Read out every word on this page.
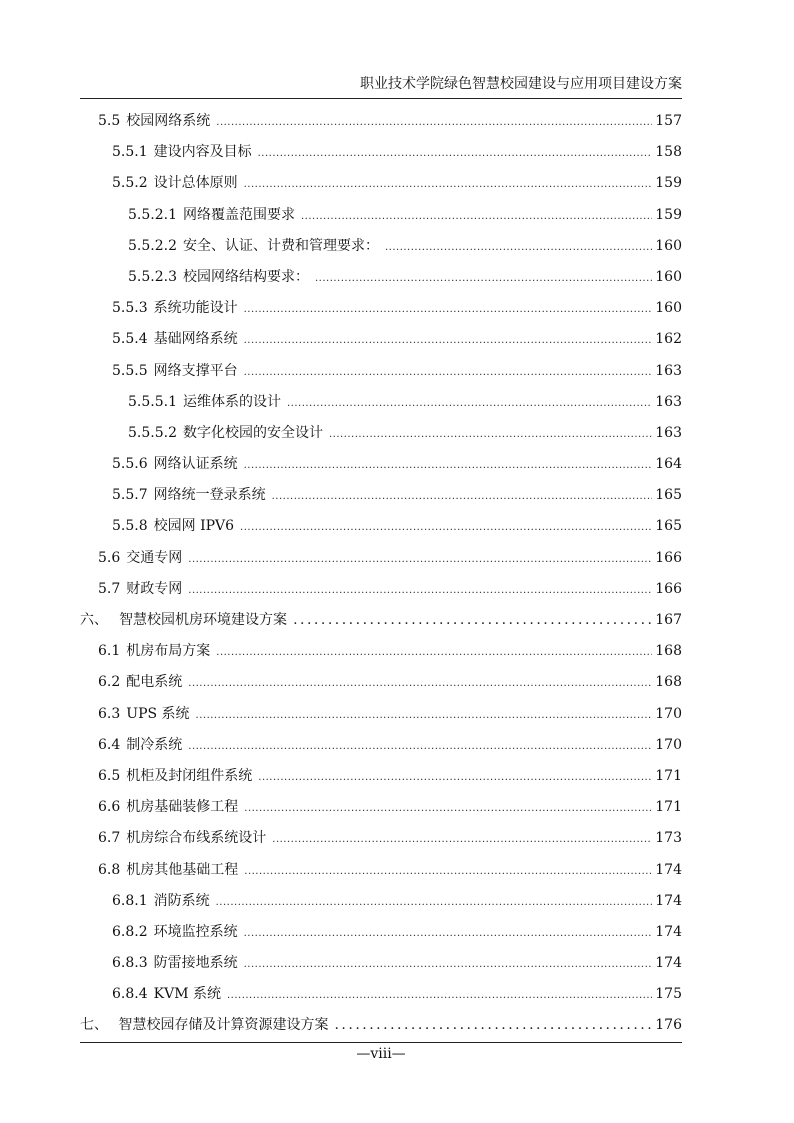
职业技术学院绿色智慧校园建设与应用项目建设方案
5.5 校园网络系统 .....	157
5.5.1 建设内容及目标 .....	158
5.5.2 设计总体原则 .....	159
5.5.2.1 网络覆盖范围要求 .....	159
5.5.2.2 安全、认证、计费和管理要求： .....	160
5.5.2.3 校园网络结构要求： .....	160
5.5.3 系统功能设计 .....	160
5.5.4 基础网络系统 .....	162
5.5.5 网络支撑平台 .....	163
5.5.5.1 运维体系的设计 .....	163
5.5.5.2 数字化校园的安全设计 .....	163
5.5.6 网络认证系统 .....	164
5.5.7 网络统一登录系统 .....	165
5.5.8 校园网 IPV6 .....	165
5.6 交通专网 .....	166
5.7 财政专网 .....	166
六、 智慧校园机房环境建设方案 .....	167
6.1 机房布局方案 .....	168
6.2 配电系统 .....	168
6.3 UPS 系统 .....	170
6.4 制冷系统 .....	170
6.5 机柜及封闭组件系统 .....	171
6.6 机房基础装修工程 .....	171
6.7 机房综合布线系统设计 .....	173
6.8 机房其他基础工程 .....	174
6.8.1 消防系统 .....	174
6.8.2 环境监控系统 .....	174
6.8.3 防雷接地系统 .....	174
6.8.4 KVM 系统 .....	175
七、 智慧校园存储及计算资源建设方案 .....	176
—viii—
